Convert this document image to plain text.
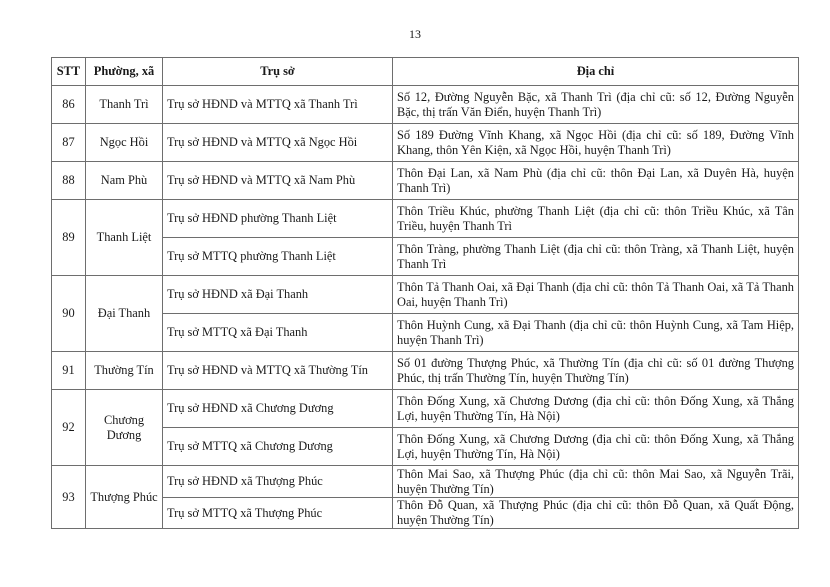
13
STT	Phường, xã	Trụ sở	Địa chỉ
86	Thanh Trì	Trụ sở HĐND và MTTQ xã Thanh Trì	Số 12, Đường Nguyễn Bặc, xã Thanh Trì (địa chỉ cũ: số 12, Đường Nguyễn Bặc, thị trấn Văn Điển, huyện Thanh Trì)
87	Ngọc Hồi	Trụ sở HĐND và MTTQ xã Ngọc Hồi	Số 189 Đường Vĩnh Khang, xã Ngọc Hồi (địa chỉ cũ: số 189, Đường Vĩnh Khang, thôn Yên Kiện, xã Ngọc Hồi, huyện Thanh Trì)
88	Nam Phù	Trụ sở HĐND và MTTQ xã Nam Phù	Thôn Đại Lan, xã Nam Phù (địa chỉ cũ: thôn Đại Lan, xã Duyên Hà, huyện Thanh Trì)
89	Thanh Liệt	Trụ sở HĐND phường Thanh Liệt	Thôn Triều Khúc, phường Thanh Liệt (địa chỉ cũ: thôn Triều Khúc, xã Tân Triều, huyện Thanh Trì
		Trụ sở MTTQ phường Thanh Liệt	Thôn Tràng, phường Thanh Liệt (địa chỉ cũ: thôn Tràng, xã Thanh Liệt, huyện Thanh Trì
90	Đại Thanh	Trụ sở HĐND xã Đại Thanh	Thôn Tả Thanh Oai, xã Đại Thanh (địa chỉ cũ: thôn Tả Thanh Oai, xã Tả Thanh Oai, huyện Thanh Trì)
		Trụ sở MTTQ xã Đại Thanh	Thôn Huỳnh Cung, xã Đại Thanh (địa chỉ cũ: thôn Huỳnh Cung, xã Tam Hiệp, huyện Thanh Trì)
91	Thường Tín	Trụ sở HĐND và MTTQ xã Thường Tín	Số 01 đường Thượng Phúc, xã Thường Tín (địa chỉ cũ: số 01 đường Thượng Phúc, thị trấn Thường Tín, huyện Thường Tín)
92	Chương Dương	Trụ sở HĐND xã Chương Dương	Thôn Đống Xung, xã Chương Dương (địa chỉ cũ: thôn Đống Xung, xã Thắng Lợi, huyện Thường Tín, Hà Nội)
		Trụ sở MTTQ xã Chương Dương	Thôn Đống Xung, xã Chương Dương (địa chỉ cũ: thôn Đống Xung, xã Thắng Lợi, huyện Thường Tín, Hà Nội)
93	Thượng Phúc	Trụ sở HĐND xã Thượng Phúc	Thôn Mai Sao, xã Thượng Phúc (địa chỉ cũ: thôn Mai Sao, xã Nguyễn Trãi, huyện Thường Tín)
		Trụ sở MTTQ xã Thượng Phúc	Thôn Đỗ Quan, xã Thượng Phúc (địa chỉ cũ: thôn Đỗ Quan, xã Quất Động, huyện Thường Tín)
